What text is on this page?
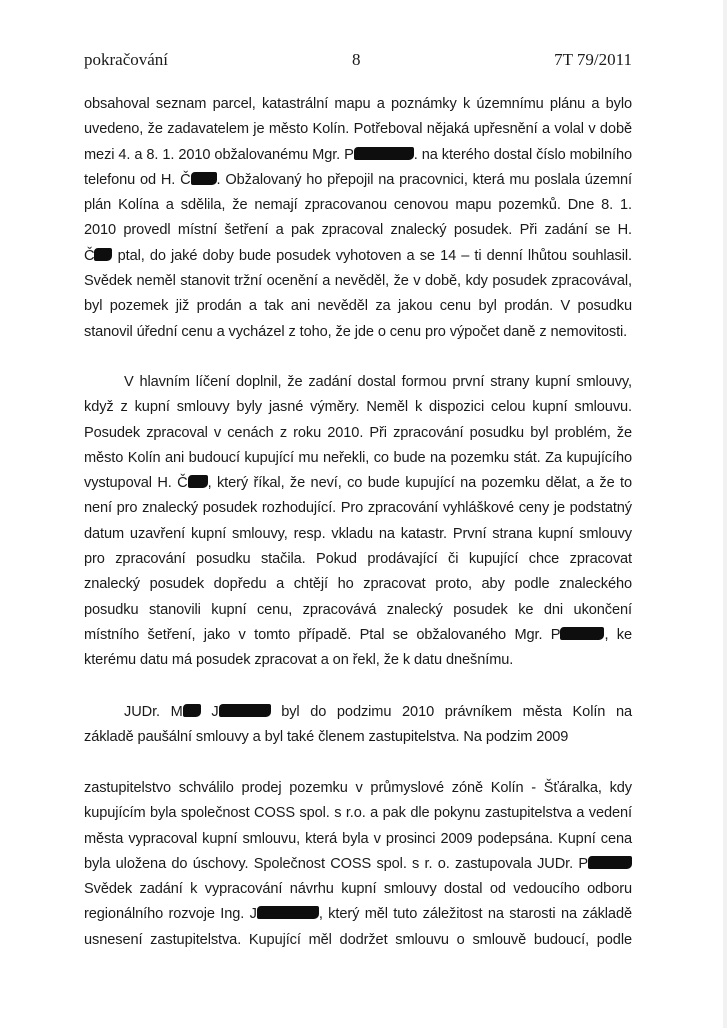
pokračování	8	7T 79/2011
obsahoval seznam parcel, katastrální mapu a poznámky k územnímu plánu a bylo
uvedeno, že zadavatelem je město Kolín. Potřeboval nějaká upřesnění a volal v době
mezi 4. a 8. 1. 2010 obžalovanému Mgr. P	. na kterého dostal číslo mobilního
telefonu od H. Č . Obžalovaný ho přepojil na pracovnici, která mu poslala územní
plán Kolína a sdělila, že nemají zpracovanou cenovou mapu pozemků. Dne 8. 1.
2010 provedl místní šetření a pak zpracoval znalecký posudek. Při zadání se H.
Č ptal, do jaké doby bude posudek vyhotoven a se 14 – ti denní lhůtou souhlasil.
Svědek neměl stanovit tržní ocenění a nevěděl, že v době, kdy posudek zpracovával,
byl pozemek již prodán a tak ani nevěděl za jakou cenu byl prodán. V posudku
stanovil úřední cenu a vycházel z toho, že jde o cenu pro výpočet daně z nemovitosti.
V hlavním líčení doplnil, že zadání dostal formou první strany kupní smlouvy,
když z kupní smlouvy byly jasné výměry. Neměl k dispozici celou kupní smlouvu.
Posudek zpracoval v cenách z roku 2010. Při zpracování posudku byl problém, že
město Kolín ani budoucí kupující mu neřekli, co bude na pozemku stát. Za kupujícího
vystupoval H. Č , který říkal, že neví, co bude kupující na pozemku dělat, a že to
není pro znalecký posudek rozhodující. Pro zpracování vyhláškové ceny je podstatný
datum uzavření kupní smlouvy, resp. vkladu na katastr. První strana kupní smlouvy
pro zpracování posudku stačila. Pokud prodávající či kupující chce zpracovat
znalecký posudek dopředu a chtějí ho zpracovat proto, aby podle znaleckého
posudku stanovili kupní cenu, zpracovává znalecký posudek ke dni ukončení
místního šetření, jako v tomto případě. Ptal se obžalovaného Mgr. P	, ke
kterému datu má posudek zpracovat a on řekl, že k datu dnešnímu.
JUDr. M J	byl do podzimu 2010 právníkem města Kolín na
základě paušální smlouvy a byl také členem zastupitelstva. Na podzim 2009
zastupitelstvo schválilo prodej pozemku v průmyslové zóně Kolín - Šťáralka, kdy
kupujícím byla společnost COSS spol. s r.o. a pak dle pokynu zastupitelstva a vedení
města vypracoval kupní smlouvu, která byla v prosinci 2009 podepsána. Kupní cena
byla uložena do úschovy. Společnost COSS spol. s r. o. zastupovala JUDr. P
Svědek zadání k vypracování návrhu kupní smlouvy dostal od vedoucího odboru
regionálního rozvoje Ing. J	, který měl tuto záležitost na starosti na základě
usnesení zastupitelstva. Kupující měl dodržet smlouvu o smlouvě budoucí, podle
